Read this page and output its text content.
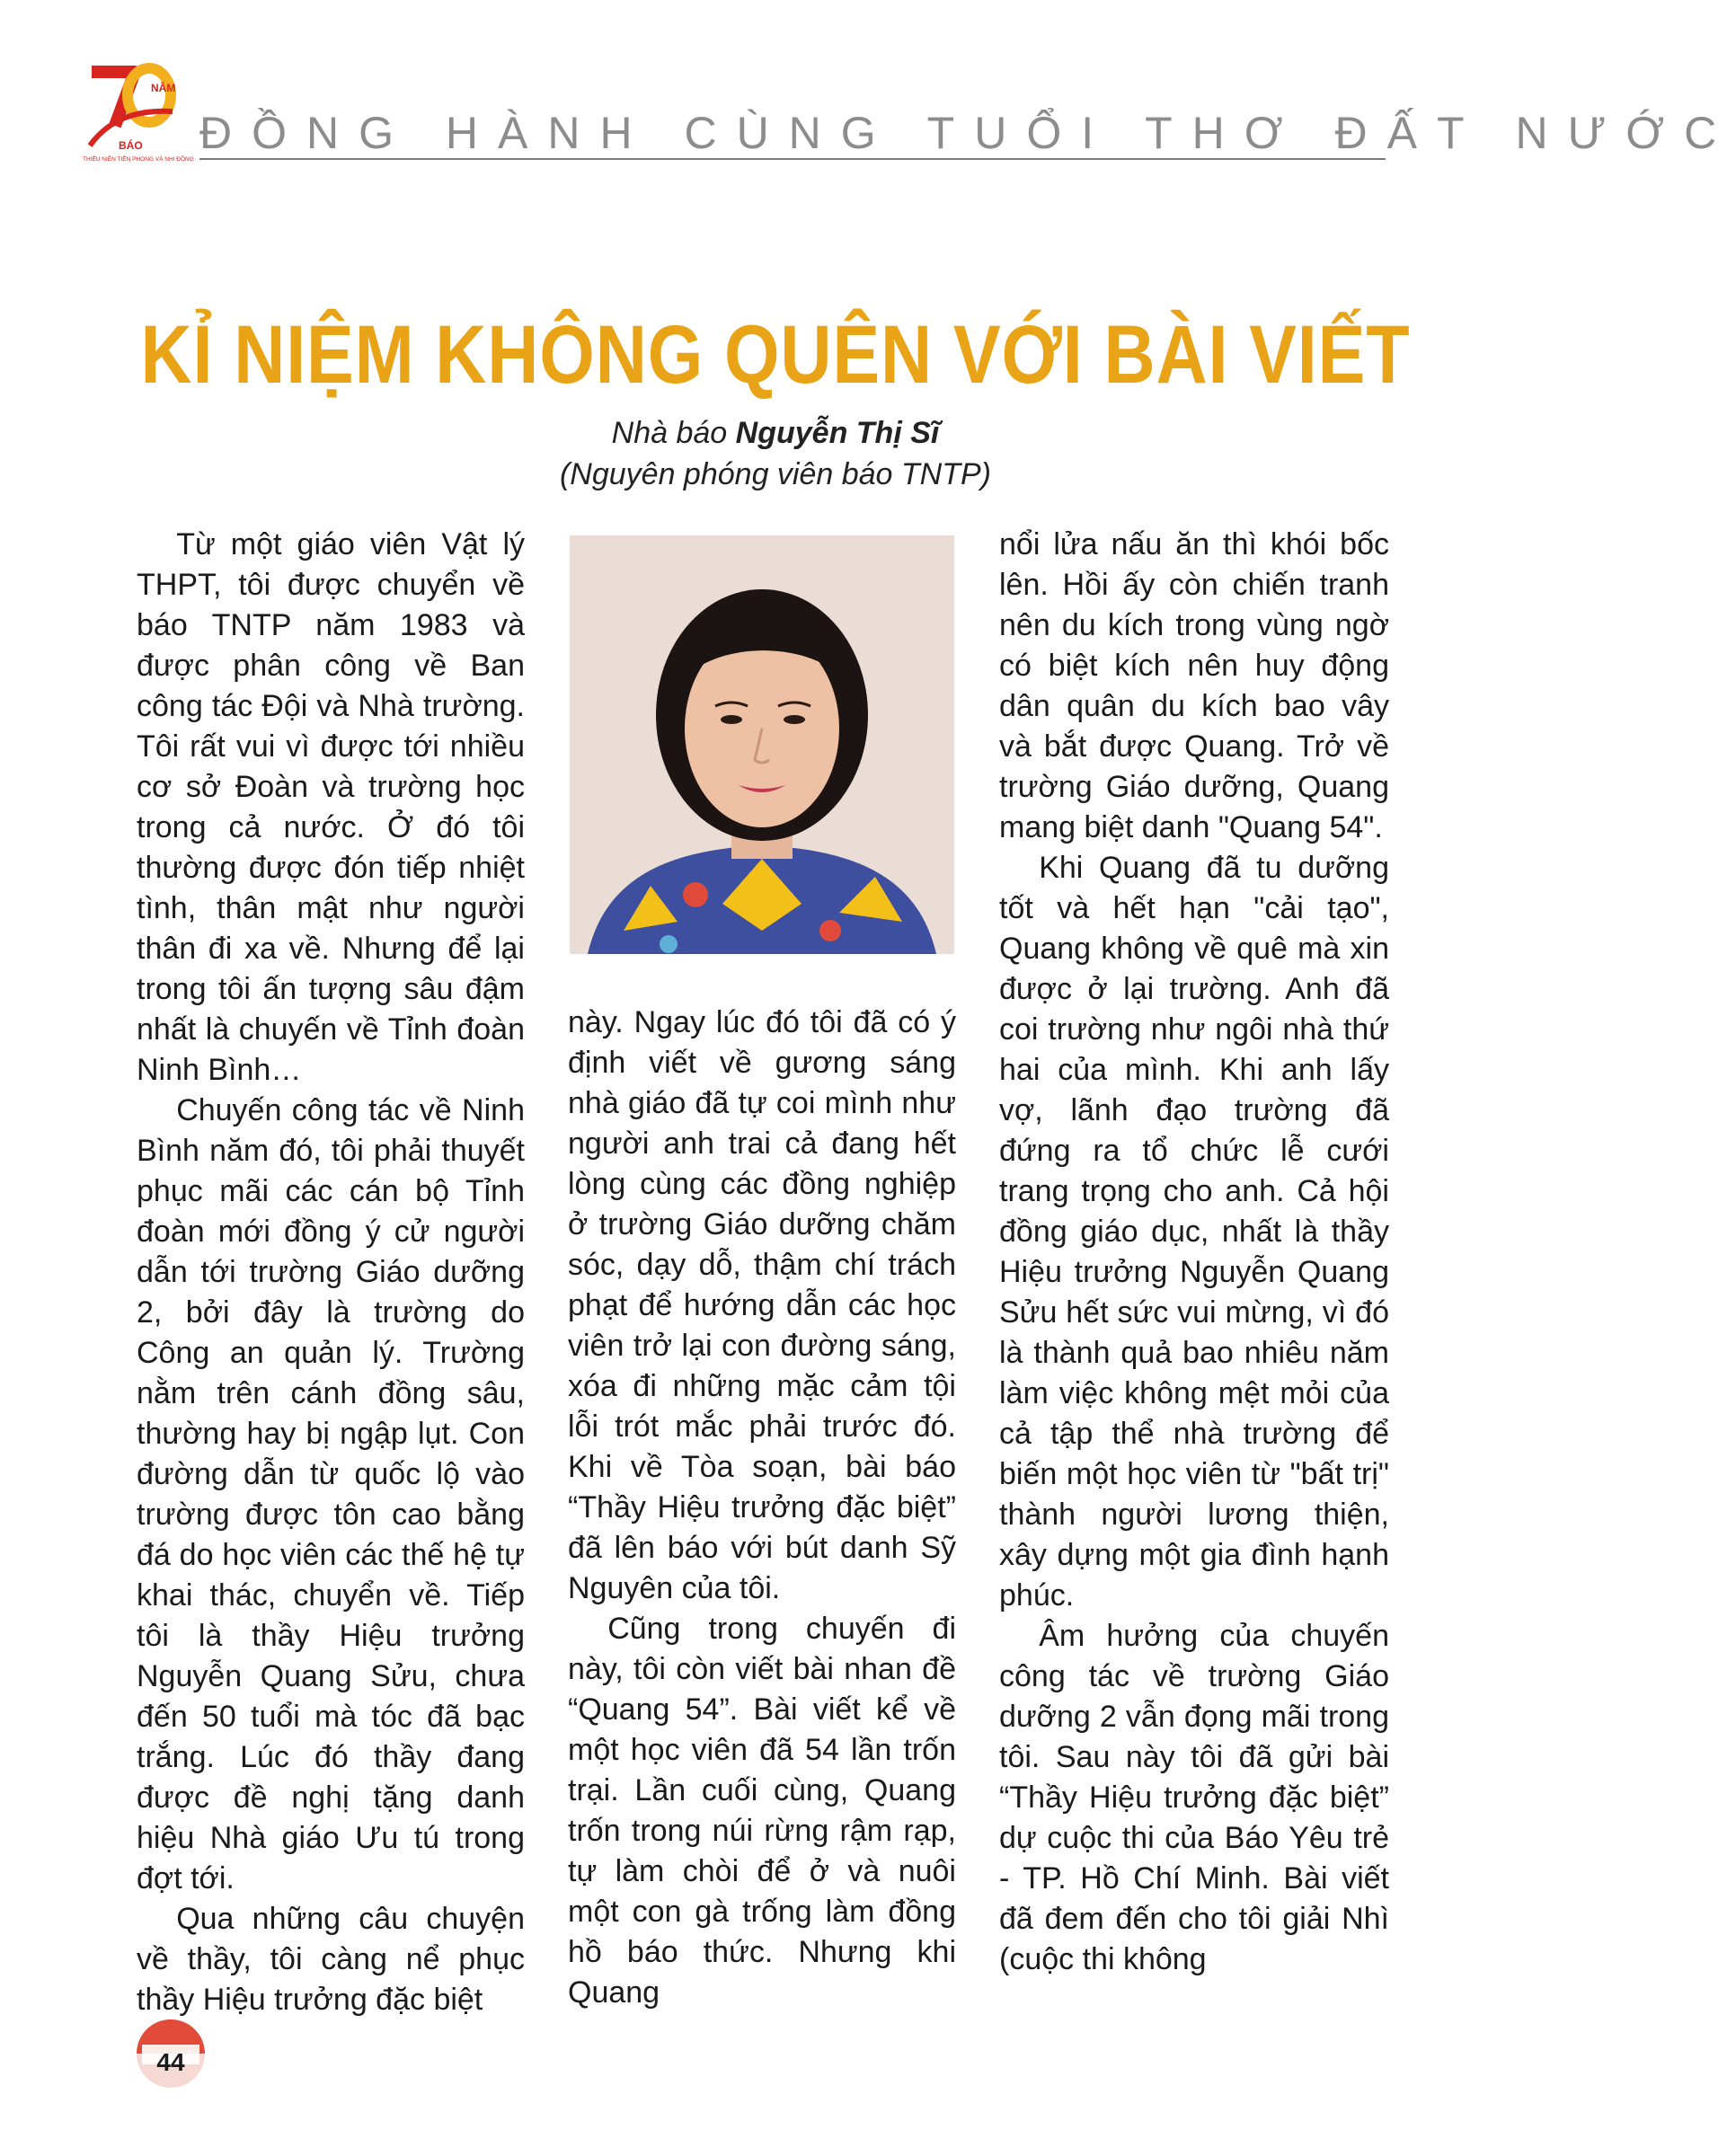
NĂM
BÁO
THIẾU NIÊN TIỀN PHONG VÀ NHI ĐỒNG
ĐỒNG HÀNH CÙNG TUỔI THƠ ĐẤT NƯỚC
KỈ NIỆM KHÔNG QUÊN VỚI BÀI VIẾT
Nhà báo Nguyễn Thị Sĩ
(Nguyên phóng viên báo TNTP)

Từ một giáo viên Vật lý THPT, tôi được chuyển về báo TNTP năm 1983 và được phân công về Ban công tác Đội và Nhà trường. Tôi rất vui vì được tới nhiều cơ sở Đoàn và trường học trong cả nước. Ở đó tôi thường được đón tiếp nhiệt tình, thân mật như người thân đi xa về. Nhưng để lại trong tôi ấn tượng sâu đậm nhất là chuyến về Tỉnh đoàn Ninh Bình…

Chuyến công tác về Ninh Bình năm đó, tôi phải thuyết phục mãi các cán bộ Tỉnh đoàn mới đồng ý cử người dẫn tới trường Giáo dưỡng 2, bởi đây là trường do Công an quản lý. Trường nằm trên cánh đồng sâu, thường hay bị ngập lụt. Con đường dẫn từ quốc lộ vào trường được tôn cao bằng đá do học viên các thế hệ tự khai thác, chuyển về. Tiếp tôi là thầy Hiệu trưởng Nguyễn Quang Sửu, chưa đến 50 tuổi mà tóc đã bạc trắng. Lúc đó thầy đang được đề nghị tặng danh hiệu Nhà giáo Ưu tú trong đợt tới.

Qua những câu chuyện về thầy, tôi càng nể phục thầy Hiệu trưởng đặc biệt

này. Ngay lúc đó tôi đã có ý định viết về gương sáng nhà giáo đã tự coi mình như người anh trai cả đang hết lòng cùng các đồng nghiệp ở trường Giáo dưỡng chăm sóc, dạy dỗ, thậm chí trách phạt để hướng dẫn các học viên trở lại con đường sáng, xóa đi những mặc cảm tội lỗi trót mắc phải trước đó. Khi về Tòa soạn, bài báo “Thầy Hiệu trưởng đặc biệt” đã lên báo với bút danh Sỹ Nguyên của tôi.

Cũng trong chuyến đi này, tôi còn viết bài nhan đề “Quang 54”. Bài viết kể về một học viên đã 54 lần trốn trại. Lần cuối cùng, Quang trốn trong núi rừng rậm rạp, tự làm chòi để ở và nuôi một con gà trống làm đồng hồ báo thức. Nhưng khi Quang

nổi lửa nấu ăn thì khói bốc lên. Hồi ấy còn chiến tranh nên du kích trong vùng ngờ có biệt kích nên huy động dân quân du kích bao vây và bắt được Quang. Trở về trường Giáo dưỡng, Quang mang biệt danh "Quang 54".

Khi Quang đã tu dưỡng tốt và hết hạn "cải tạo", Quang không về quê mà xin được ở lại trường. Anh đã coi trường như ngôi nhà thứ hai của mình. Khi anh lấy vợ, lãnh đạo trường đã đứng ra tổ chức lễ cưới trang trọng cho anh. Cả hội đồng giáo dục, nhất là thầy Hiệu trưởng Nguyễn Quang Sửu hết sức vui mừng, vì đó là thành quả bao nhiêu năm làm việc không mệt mỏi của cả tập thể nhà trường để biến một học viên từ "bất trị" thành người lương thiện, xây dựng một gia đình hạnh phúc.

Âm hưởng của chuyến công tác về trường Giáo dưỡng 2 vẫn đọng mãi trong tôi. Sau này tôi đã gửi bài “Thầy Hiệu trưởng đặc biệt” dự cuộc thi của Báo Yêu trẻ - TP. Hồ Chí Minh. Bài viết đã đem đến cho tôi giải Nhì (cuộc thi không

44
